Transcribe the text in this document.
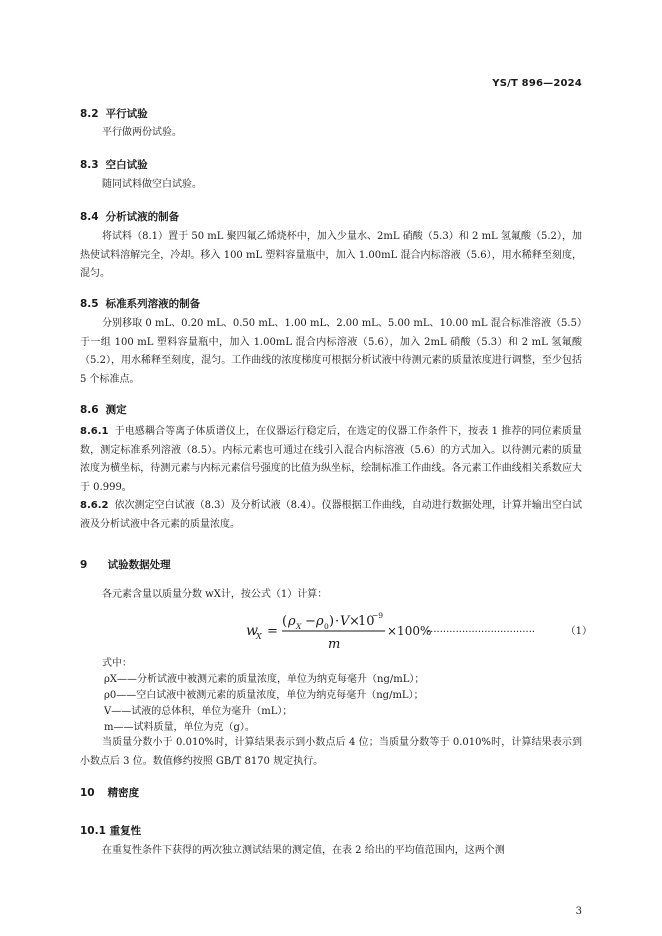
YS/T 896—2024
8.2 平行试验

平行做两份试验。

8.3 空白试验

随同试料做空白试验。

8.4 分析试液的制备

将试料（8.1）置于 50 mL 聚四氟乙烯烧杯中，加入少量水、2mL 硝酸（5.3）和 2 mL 氢氟酸（5.2），加热使试料溶解完全，冷却。移入 100 mL 塑料容量瓶中，加入 1.00mL 混合内标溶液（5.6），用水稀释至刻度，混匀。

8.5 标准系列溶液的制备

分别移取 0 mL、0.20 mL、0.50 mL、1.00 mL、2.00 mL、5.00 mL、10.00 mL 混合标准溶液（5.5）于一组 100 mL 塑料容量瓶中，加入 1.00mL 混合内标溶液（5.6），加入 2mL 硝酸（5.3）和 2 mL 氢氟酸（5.2），用水稀释至刻度，混匀。工作曲线的浓度梯度可根据分析试液中待测元素的质量浓度进行调整，至少包括 5 个标准点。

8.6 测定

8.6.1 于电感耦合等离子体质谱仪上，在仪器运行稳定后，在选定的仪器工作条件下，按表 1 推荐的同位素质量数，测定标准系列溶液（8.5）。内标元素也可通过在线引入混合内标溶液（5.6）的方式加入。以待测元素的质量浓度为横坐标，待测元素与内标元素信号强度的比值为纵坐标，绘制标准工作曲线。各元素工作曲线相关系数应大于 0.999。

8.6.2 依次测定空白试液（8.3）及分析试液（8.4）。仪器根据工作曲线，自动进行数据处理，计算并输出空白试液及分析试液中各元素的质量浓度。

9 试验数据处理

各元素含量以质量分数 wX计，按公式（1）计算：

w
X =
( ρ X − ρ 0 ) · V ×
10
−9
m
×100%
··································	（1）
式中：
ρX——分析试液中被测元素的质量浓度，单位为纳克每毫升（ng/mL）；
ρ0——空白试液中被测元素的质量浓度，单位为纳克每毫升（ng/mL）；
V——试液的总体积，单位为毫升（mL）；
m——试料质量，单位为克（g）。

当质量分数小于 0.010%时，计算结果表示到小数点后 4 位；当质量分数等于 0.010%时，计算结果表示到小数点后 3 位。数值修约按照 GB/T 8170 规定执行。

10 精密度
10.1 重复性

在重复性条件下获得的两次独立测试结果的测定值，在表 2 给出的平均值范围内，这两个测

3
